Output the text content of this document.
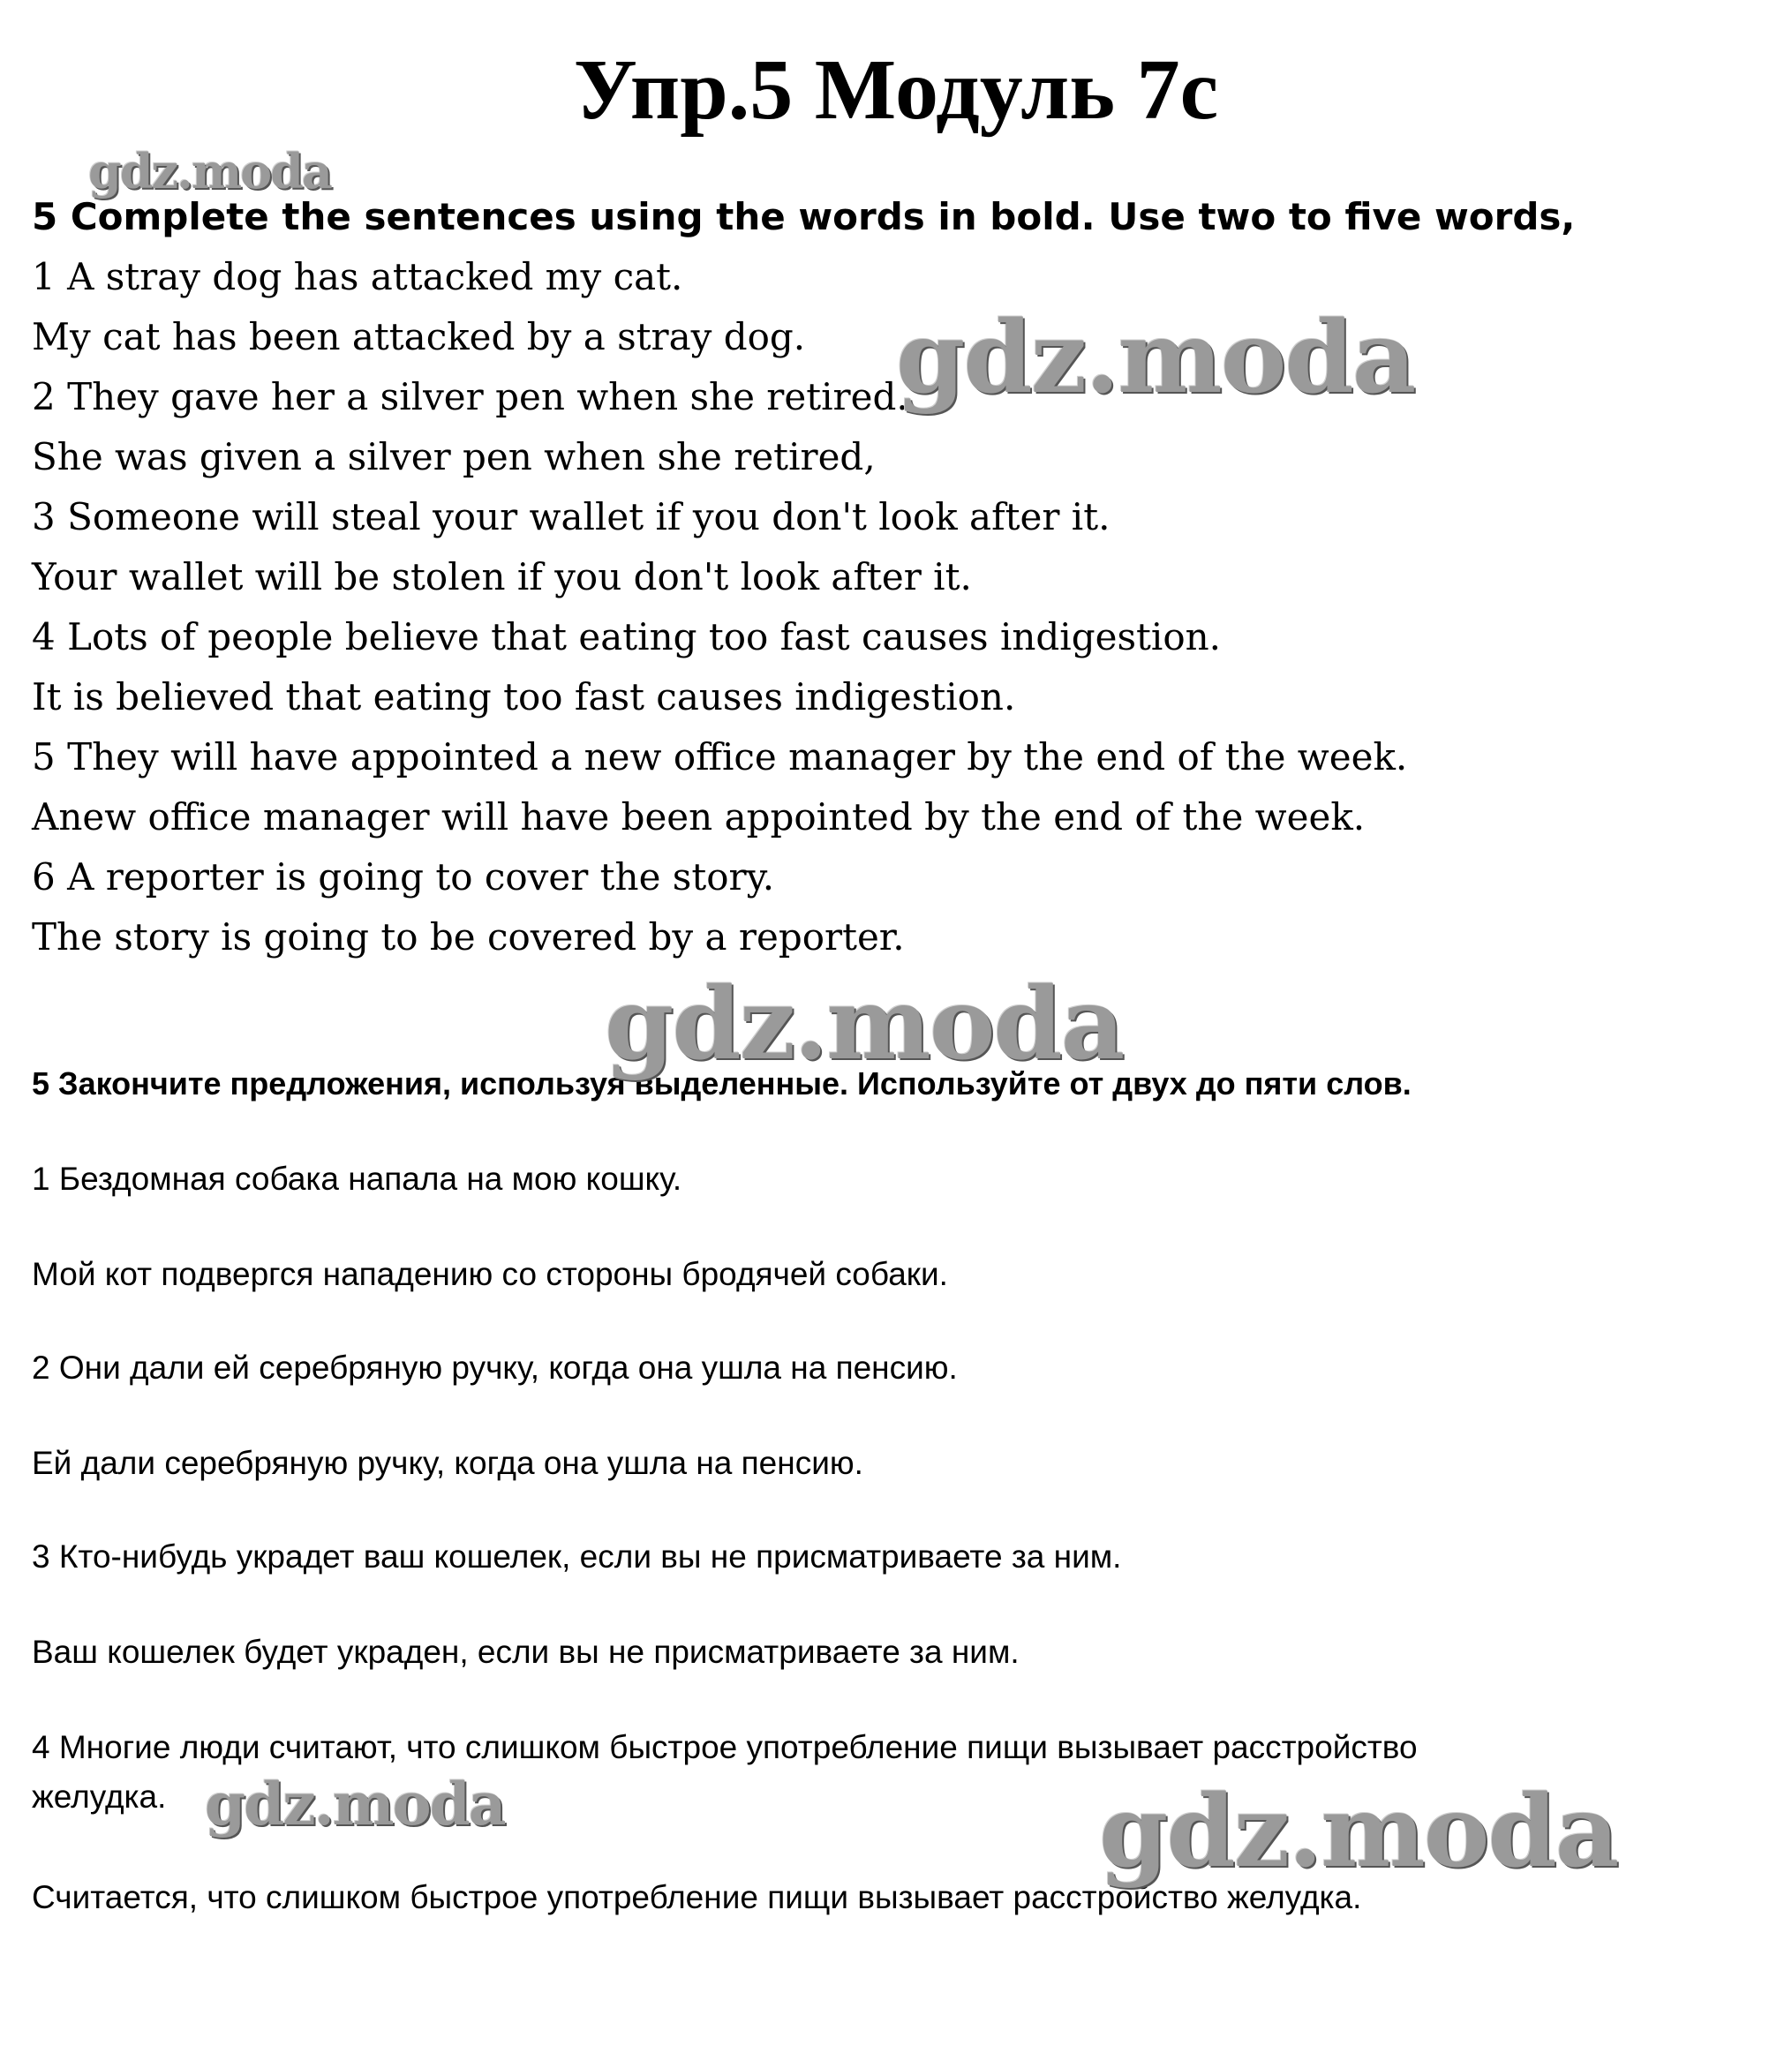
Упр.5 Модуль 7с
5 Complete the sentences using the words in bold. Use two to five words,
1 A stray dog has attacked my cat.
My cat has been attacked by a stray dog.
2 They gave her a silver pen when she retired.
She was given a silver pen when she retired,
3 Someone will steal your wallet if you don't look after it.
Your wallet will be stolen if you don't look after it.
4 Lots of people believe that eating too fast causes indigestion.
It is believed that eating too fast causes indigestion.
5 They will have appointed a new office manager by the end of the week.
Anew office manager will have been appointed by the end of the week.
6 A reporter is going to cover the story.
The story is going to be covered by a reporter.
5 Закончите предложения, используя выделенные. Используйте от двух до пяти слов.
1 Бездомная собака напала на мою кошку.
Мой кот подвергся нападению со стороны бродячей собаки.
2 Они дали ей серебряную ручку, когда она ушла на пенсию.
Ей дали серебряную ручку, когда она ушла на пенсию.
3 Кто-нибудь украдет ваш кошелек, если вы не присматриваете за ним.
Ваш кошелек будет украден, если вы не присматриваете за ним.
4 Многие люди считают, что слишком быстрое употребление пищи вызывает расстройство
желудка.
Считается, что слишком быстрое употребление пищи вызывает расстройство желудка.
gdz.moda
gdz.moda
gdz.moda
gdz.moda	gdz.moda
